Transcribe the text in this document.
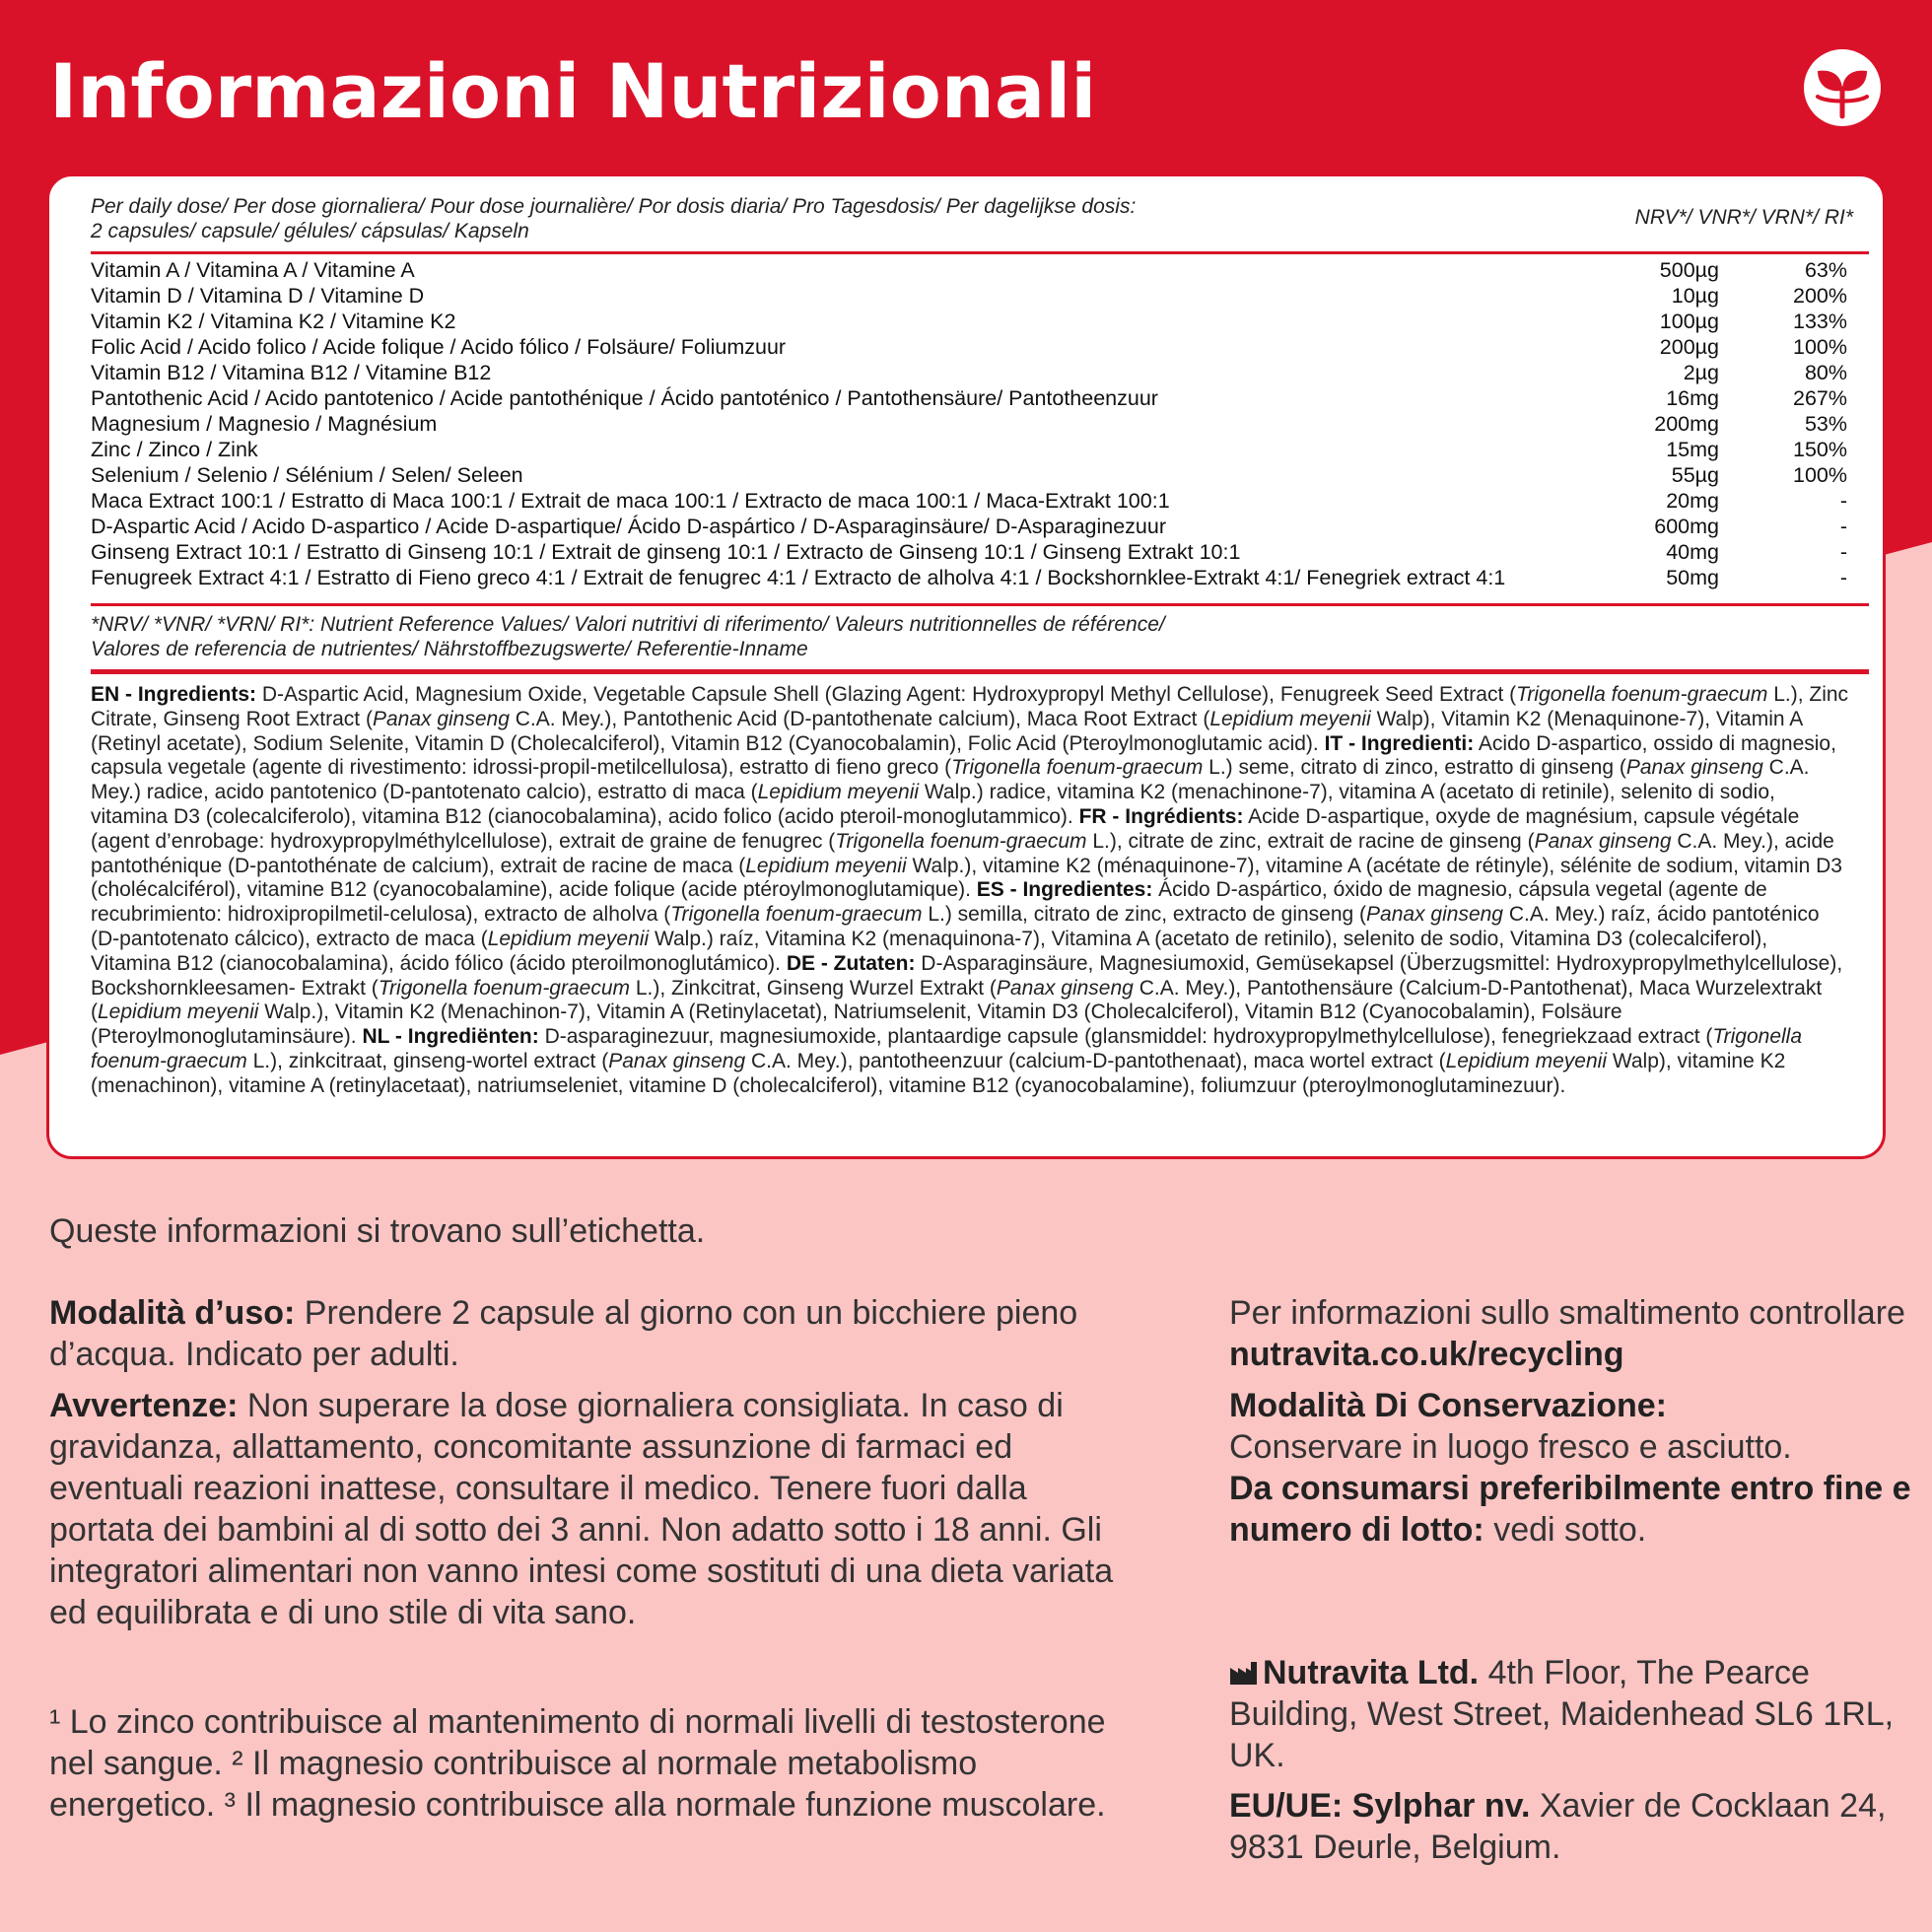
Informazioni Nutrizionali
Per daily dose/ Per dose giornaliera/ Pour dose journalière/ Por dosis diaria/ Pro Tagesdosis/ Per dagelijkse dosis:
2 capsules/ capsule/ gélules/ cápsulas/ Kapseln
NRV*/ VNR*/ VRN*/ RI*
Vitamin A / Vitamina A / Vitamine A	500µg	63%
Vitamin D / Vitamina D / Vitamine D	10µg	200%
Vitamin K2 / Vitamina K2 / Vitamine K2	100µg	133%
Folic Acid / Acido folico / Acide folique / Acido fólico / Folsäure/ Foliumzuur	200µg	100%
Vitamin B12 / Vitamina B12 / Vitamine B12	2µg	80%
Pantothenic Acid / Acido pantotenico / Acide pantothénique / Ácido pantoténico / Pantothensäure/ Pantotheenzuur	16mg	267%
Magnesium / Magnesio / Magnésium	200mg	53%
Zinc / Zinco / Zink	15mg	150%
Selenium / Selenio / Sélénium / Selen/ Seleen	55µg	100%
Maca Extract 100:1 / Estratto di Maca 100:1 / Extrait de maca 100:1 / Extracto de maca 100:1 / Maca-Extrakt 100:1	20mg	-
D-Aspartic Acid / Acido D-aspartico / Acide D-aspartique/ Ácido D-aspártico / D-Asparaginsäure/ D-Asparaginezuur	600mg	-
Ginseng Extract 10:1 / Estratto di Ginseng 10:1 / Extrait de ginseng 10:1 / Extracto de Ginseng 10:1 / Ginseng Extrakt 10:1	40mg	-
Fenugreek Extract 4:1 / Estratto di Fieno greco 4:1 / Extrait de fenugrec 4:1 / Extracto de alholva 4:1 / Bockshornklee-Extrakt 4:1/ Fenegriek extract 4:1	50mg	-
*NRV/ *VNR/ *VRN/ RI*: Nutrient Reference Values/ Valori nutritivi di riferimento/ Valeurs nutritionnelles de référence/
Valores de referencia de nutrientes/ Nährstoffbezugswerte/ Referentie-Inname
EN - Ingredients: D-Aspartic Acid, Magnesium Oxide, Vegetable Capsule Shell (Glazing Agent: Hydroxypropyl Methyl Cellulose), Fenugreek Seed Extract (Trigonella foenum-graecum L.), Zinc Citrate, Ginseng Root Extract (Panax ginseng C.A. Mey.), Pantothenic Acid (D-pantothenate calcium), Maca Root Extract (Lepidium meyenii Walp), Vitamin K2 (Menaquinone-7), Vitamin A (Retinyl acetate), Sodium Selenite, Vitamin D (Cholecalciferol), Vitamin B12 (Cyanocobalamin), Folic Acid (Pteroylmonoglutamic acid). IT - Ingredienti: Acido D-aspartico, ossido di magnesio, capsula vegetale (agente di rivestimento: idrossi-propil-metilcellulosa), estratto di fieno greco (Trigonella foenum-graecum L.) seme, citrato di zinco, estratto di ginseng (Panax ginseng C.A. Mey.) radice, acido pantotenico (D-pantotenato calcio), estratto di maca (Lepidium meyenii Walp.) radice, vitamina K2 (menachinone-7), vitamina A (acetato di retinile), selenito di sodio, vitamina D3 (colecalciferolo), vitamina B12 (cianocobalamina), acido folico (acido pteroil-monoglutammico). FR - Ingrédients: Acide D-aspartique, oxyde de magnésium, capsule végétale (agent d’enrobage: hydroxypropylméthylcellulose), extrait de graine de fenugrec (Trigonella foenum-graecum L.), citrate de zinc, extrait de racine de ginseng (Panax ginseng C.A. Mey.), acide pantothénique (D-pantothénate de calcium), extrait de racine de maca (Lepidium meyenii Walp.), vitamine K2 (ménaquinone-7), vitamine A (acétate de rétinyle), sélénite de sodium, vitamin D3 (cholécalciférol), vitamine B12 (cyanocobalamine), acide folique (acide ptéroylmonoglutamique). ES - Ingredientes: Ácido D-aspártico, óxido de magnesio, cápsula vegetal (agente de recubrimiento: hidroxipropilmetil-celulosa), extracto de alholva (Trigonella foenum-graecum L.) semilla, citrato de zinc, extracto de ginseng (Panax ginseng C.A. Mey.) raíz, ácido pantoténico (D-pantotenato cálcico), extracto de maca (Lepidium meyenii Walp.) raíz, Vitamina K2 (menaquinona-7), Vitamina A (acetato de retinilo), selenito de sodio, Vitamina D3 (colecalciferol), Vitamina B12 (cianocobalamina), ácido fólico (ácido pteroilmonoglutámico). DE - Zutaten: D-Asparaginsäure, Magnesiumoxid, Gemüsekapsel (Überzugsmittel: Hydroxypropylmethylcellulose), Bockshornkleesamen- Extrakt (Trigonella foenum-graecum L.), Zinkcitrat, Ginseng Wurzel Extrakt (Panax ginseng C.A. Mey.), Pantothensäure (Calcium-D-Pantothenat), Maca Wurzelextrakt (Lepidium meyenii Walp.), Vitamin K2 (Menachinon-7), Vitamin A (Retinylacetat), Natriumselenit, Vitamin D3 (Cholecalciferol), Vitamin B12 (Cyanocobalamin), Folsäure (Pteroylmonoglutaminsäure). NL - Ingrediënten: D-asparaginezuur, magnesiumoxide, plantaardige capsule (glansmiddel: hydroxypropylmethylcellulose), fenegriekzaad extract (Trigonella foenum-graecum L.), zinkcitraat, ginseng-wortel extract (Panax ginseng C.A. Mey.), pantotheenzuur (calcium-D-pantothenaat), maca wortel extract (Lepidium meyenii Walp), vitamine K2 (menachinon), vitamine A (retinylacetaat), natriumseleniet, vitamine D (cholecalciferol), vitamine B12 (cyanocobalamine), foliumzuur (pteroylmonoglutaminezuur).
Queste informazioni si trovano sull’etichetta.
Modalità d’uso: Prendere 2 capsule al giorno con un bicchiere pieno d’acqua. Indicato per adulti.
Avvertenze: Non superare la dose giornaliera consigliata. In caso di gravidanza, allattamento, concomitante assunzione di farmaci ed eventuali reazioni inattese, consultare il medico. Tenere fuori dalla portata dei bambini al di sotto dei 3 anni. Non adatto sotto i 18 anni. Gli integratori alimentari non vanno intesi come sostituti di una dieta variata ed equilibrata e di uno stile di vita sano.
¹ Lo zinco contribuisce al mantenimento di normali livelli di testosterone nel sangue. ² Il magnesio contribuisce al normale metabolismo energetico. ³ Il magnesio contribuisce alla normale funzione muscolare.
Per informazioni sullo smaltimento controllare nutravita.co.uk/recycling
Modalità Di Conservazione:
Conservare in luogo fresco e asciutto.
Da consumarsi preferibilmente entro fine e numero di lotto: vedi sotto.
Nutravita Ltd. 4th Floor, The Pearce Building, West Street, Maidenhead SL6 1RL, UK.
EU/UE: Sylphar nv. Xavier de Cocklaan 24, 9831 Deurle, Belgium.
